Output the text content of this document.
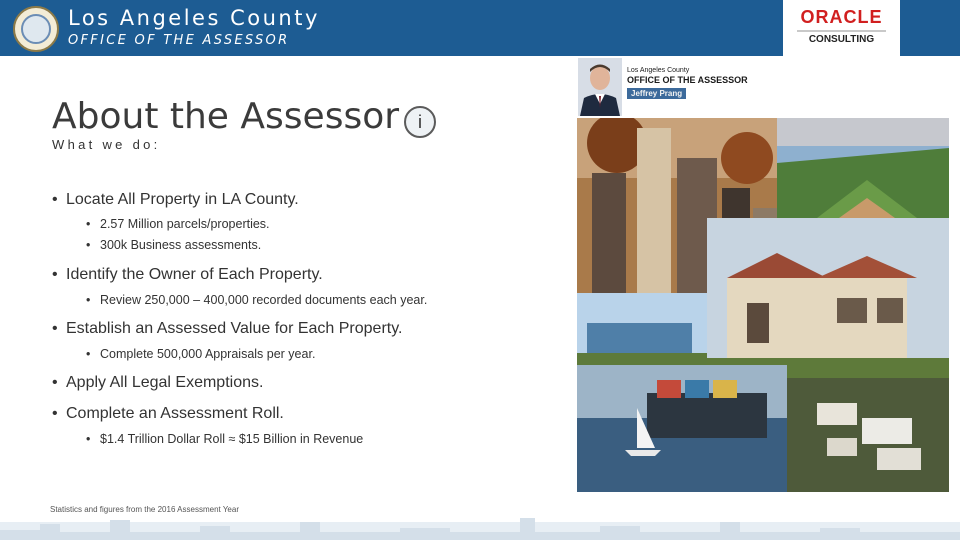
Los Angeles County
OFFICE OF THE ASSESSOR
ORACLE
CONSULTING
About the Assessor	i
What we do:
• Locate All Property in LA County.
• 2.57 Million parcels/properties.
• 300k Business assessments.
• Identify the Owner of Each Property.
• Review 250,000 – 400,000 recorded documents each year.
• Establish an Assessed Value for Each Property.
• Complete 500,000 Appraisals per year.
• Apply All Legal Exemptions.
• Complete an Assessment Roll.
• $1.4 Trillion Dollar Roll ≈ $15 Billion in Revenue
Los Angeles County
OFFICE OF THE ASSESSOR
Jeffrey Prang
Statistics and figures from the 2016 Assessment Year
